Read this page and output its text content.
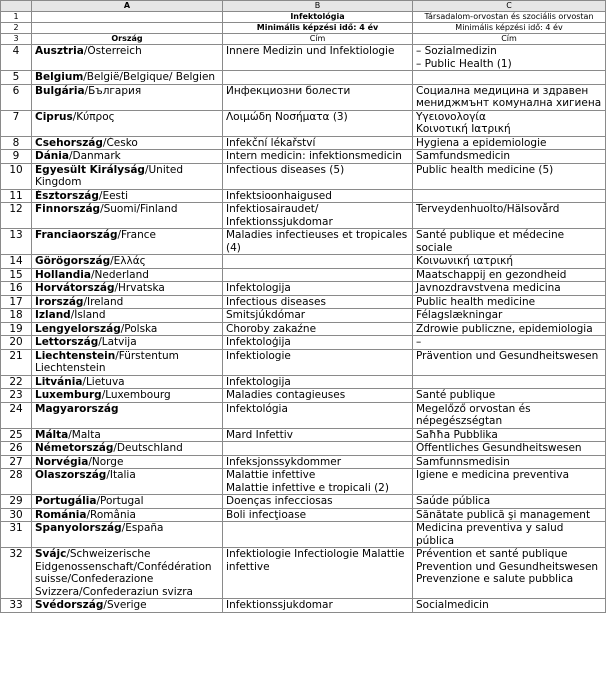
	A	B	C
1		Infektológia	Társadalom-orvostan és szociális orvostan
2		Minimális képzési idő: 4 év	Minimális képzési idő: 4 év
3	Ország	Cím	Cím
4	Ausztria/Österreich	Innere Medizin und Infektiologie	– Sozialmedizin
– Public Health (1)

5	Belgium/België/Belgique/ Belgien		
6	Bulgária/България	Инфекциозни болести	Социална медицина и здравен мениджмънт комунална хигиена

7	Ciprus/Κύπρος	Λοιμώδη Νοσήματα (3)	Υγειονολογία
Κοινοτική Ιατρική

8	Csehország/Česko	Infekční lékařství	Hygiena a epidemiologie

9	Dánia/Danmark	Intern medicin: infektionsmedicin	Samfundsmedicin

10	Egyesült Királyság/United Kingdom	Infectious diseases (5)	Public health medicine (5)

11	Észtország/Eesti	Infektsioonhaigused	

12	Finnország/Suomi/Finland	Infektiosairaudet/ Infektionssjukdomar	Terveydenhuolto/Hälsovård

13	Franciaország/France	Maladies infectieuses et tropicales (4)	Santé publique et médecine sociale

14	Görögország/Ελλάς		Κοινωνική ιατρική

15	Hollandia/Nederland		Maatschappij en gezondheid

16	Horvátország/Hrvatska	Infektologija	Javnozdravstvena medicina

17	Írország/Ireland	Infectious diseases	Public health medicine

18	Izland/Ísland	Smitsjúkdómar	Félagslækningar

19	Lengyelország/Polska	Choroby zakaźne	Zdrowie publiczne, epidemiologia

20	Lettország/Latvija	Infektoloģija	–

21	Liechtenstein/Fürstentum Liechtenstein	Infektiologie	Prävention und Gesundheitswesen

22	Litvánia/Lietuva	Infektologija	

23	Luxemburg/Luxembourg	Maladies contagieuses	Santé publique

24	Magyarország	Infektológia	Megelőző orvostan és népegészségtan

25	Málta/Malta	Mard Infettiv	Saħħa Pubblika

26	Németország/Deutschland		Öffentliches Gesundheitswesen

27	Norvégia/Norge	Infeksjonssykdommer	Samfunnsmedisin

28	Olaszország/Italia	Malattie infettive
Malattie infettive e tropicali (2)	Igiene e medicina preventiva

29	Portugália/Portugal	Doenças infecciosas	Saúde pública

30	Románia/România	Boli infecţioase	Sănătate publică şi management

31	Spanyolország/España		Medicina preventiva y salud pública

32	Svájc/Schweizerische Eidgenossenschaft/Confédération suisse/Confederazione Svizzera/Confederaziun svizra	Infektiologie Infectiologie Malattie infettive	Prévention et santé publique
Prevention und Gesundheitswesen
Prevenzione e salute pubblica

33	Svédország/Sverige	Infektionssjukdomar	Socialmedicin
